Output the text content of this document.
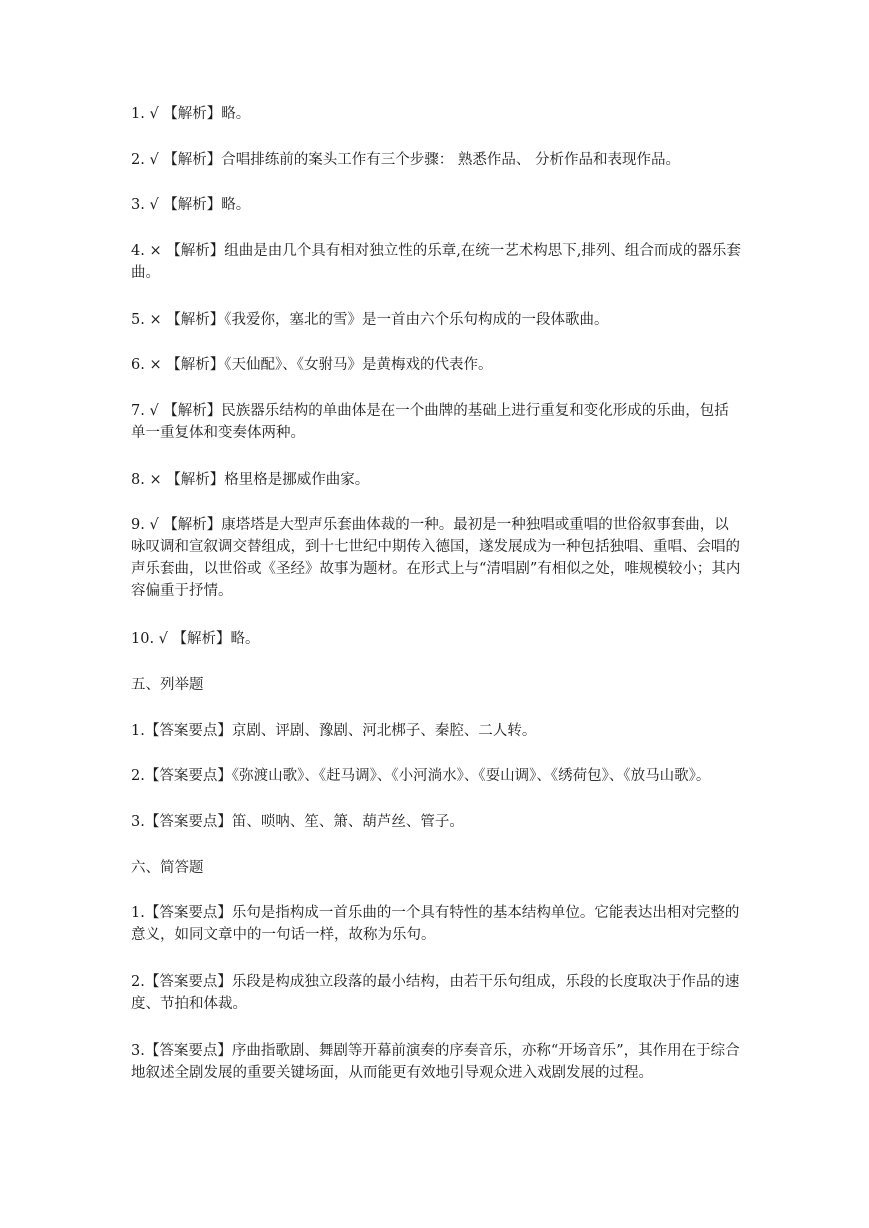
1. √ 【解析】略。

2. √ 【解析】合唱排练前的案头工作有三个步骤： 熟悉作品、 分析作品和表现作品。

3. √ 【解析】略。

4. × 【解析】组曲是由几个具有相对独立性的乐章,在统一艺术构思下,排列、组合而成的器乐套曲。

5. × 【解析】《我爱你，塞北的雪》是一首由六个乐句构成的一段体歌曲。

6. × 【解析】《天仙配》、《女驸马》是黄梅戏的代表作。

7. √ 【解析】民族器乐结构的单曲体是在一个曲牌的基础上进行重复和变化形成的乐曲，包括单一重复体和变奏体两种。

8. × 【解析】格里格是挪威作曲家。

9. √ 【解析】康塔塔是大型声乐套曲体裁的一种。最初是一种独唱或重唱的世俗叙事套曲，以咏叹调和宣叙调交替组成，到十七世纪中期传入德国，遂发展成为一种包括独唱、重唱、会唱的声乐套曲，以世俗或《圣经》故事为题材。在形式上与“清唱剧”有相似之处，唯规模较小；其内容偏重于抒情。

10. √ 【解析】略。

五、列举题

1.【答案要点】京剧、评剧、豫剧、河北梆子、秦腔、二人转。

2.【答案要点】《弥渡山歌》、《赶马调》、《小河淌水》、《耍山调》、《绣荷包》、《放马山歌》。

3.【答案要点】笛、唢呐、笙、箫、葫芦丝、管子。

六、简答题

1.【答案要点】乐句是指构成一首乐曲的一个具有特性的基本结构单位。它能表达出相对完整的意义，如同文章中的一句话一样，故称为乐句。

2.【答案要点】乐段是构成独立段落的最小结构，由若干乐句组成，乐段的长度取决于作品的速度、节拍和体裁。

3.【答案要点】序曲指歌剧、舞剧等开幕前演奏的序奏音乐，亦称“开场音乐”，其作用在于综合地叙述全剧发展的重要关键场面，从而能更有效地引导观众进入戏剧发展的过程。
